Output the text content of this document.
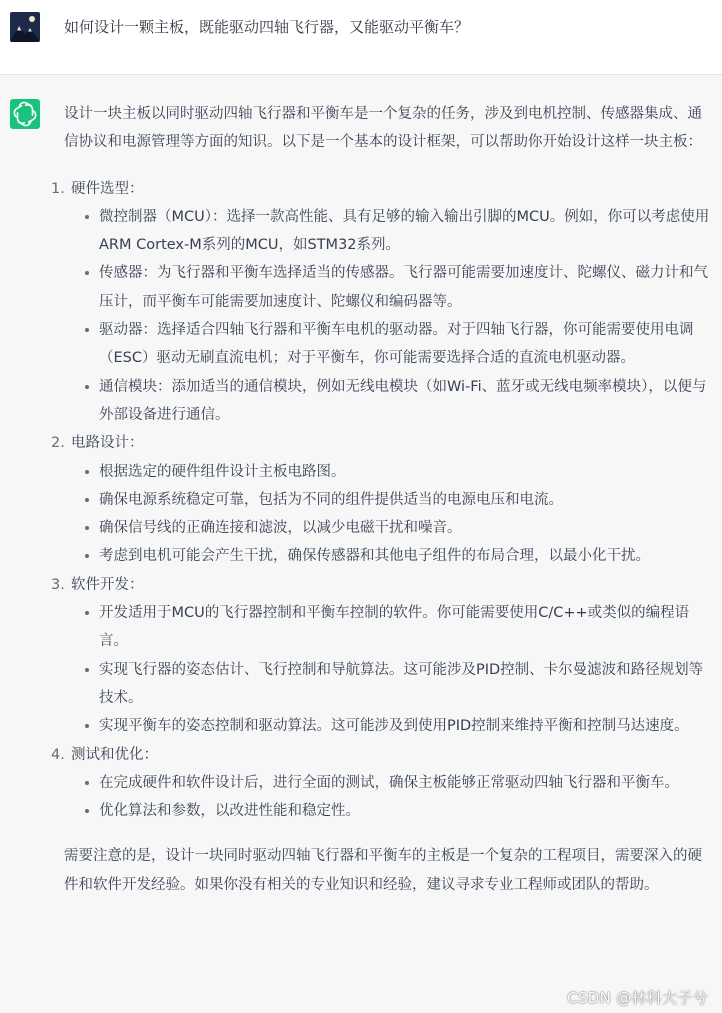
如何设计一颗主板，既能驱动四轴飞行器，又能驱动平衡车？

设计一块主板以同时驱动四轴飞行器和平衡车是一个复杂的任务，涉及到电机控制、传感器集成、通信协议和电源管理等方面的知识。以下是一个基本的设计框架，可以帮助你开始设计这样一块主板：

1. 硬件选型：
微控制器（MCU）：选择一款高性能、具有足够的输入输出引脚的MCU。例如，你可以考虑使用ARM Cortex-M系列的MCU，如STM32系列。
传感器：为飞行器和平衡车选择适当的传感器。飞行器可能需要加速度计、陀螺仪、磁力计和气压计，而平衡车可能需要加速度计、陀螺仪和编码器等。
驱动器：选择适合四轴飞行器和平衡车电机的驱动器。对于四轴飞行器，你可能需要使用电调（ESC）驱动无刷直流电机；对于平衡车，你可能需要选择合适的直流电机驱动器。
通信模块：添加适当的通信模块，例如无线电模块（如Wi-Fi、蓝牙或无线电频率模块），以便与外部设备进行通信。
2. 电路设计：
根据选定的硬件组件设计主板电路图。
确保电源系统稳定可靠，包括为不同的组件提供适当的电源电压和电流。
确保信号线的正确连接和滤波，以减少电磁干扰和噪音。
考虑到电机可能会产生干扰，确保传感器和其他电子组件的布局合理，以最小化干扰。
3. 软件开发：
开发适用于MCU的飞行器控制和平衡车控制的软件。你可能需要使用C/C++或类似的编程语言。
实现飞行器的姿态估计、飞行控制和导航算法。这可能涉及PID控制、卡尔曼滤波和路径规划等技术。
实现平衡车的姿态控制和驱动算法。这可能涉及到使用PID控制来维持平衡和控制马达速度。
4. 测试和优化：
在完成硬件和软件设计后，进行全面的测试，确保主板能够正常驱动四轴飞行器和平衡车。
优化算法和参数，以改进性能和稳定性。

需要注意的是，设计一块同时驱动四轴飞行器和平衡车的主板是一个复杂的工程项目，需要深入的硬件和软件开发经验。如果你没有相关的专业知识和经验，建议寻求专业工程师或团队的帮助。

CSDN @林科大子兮
